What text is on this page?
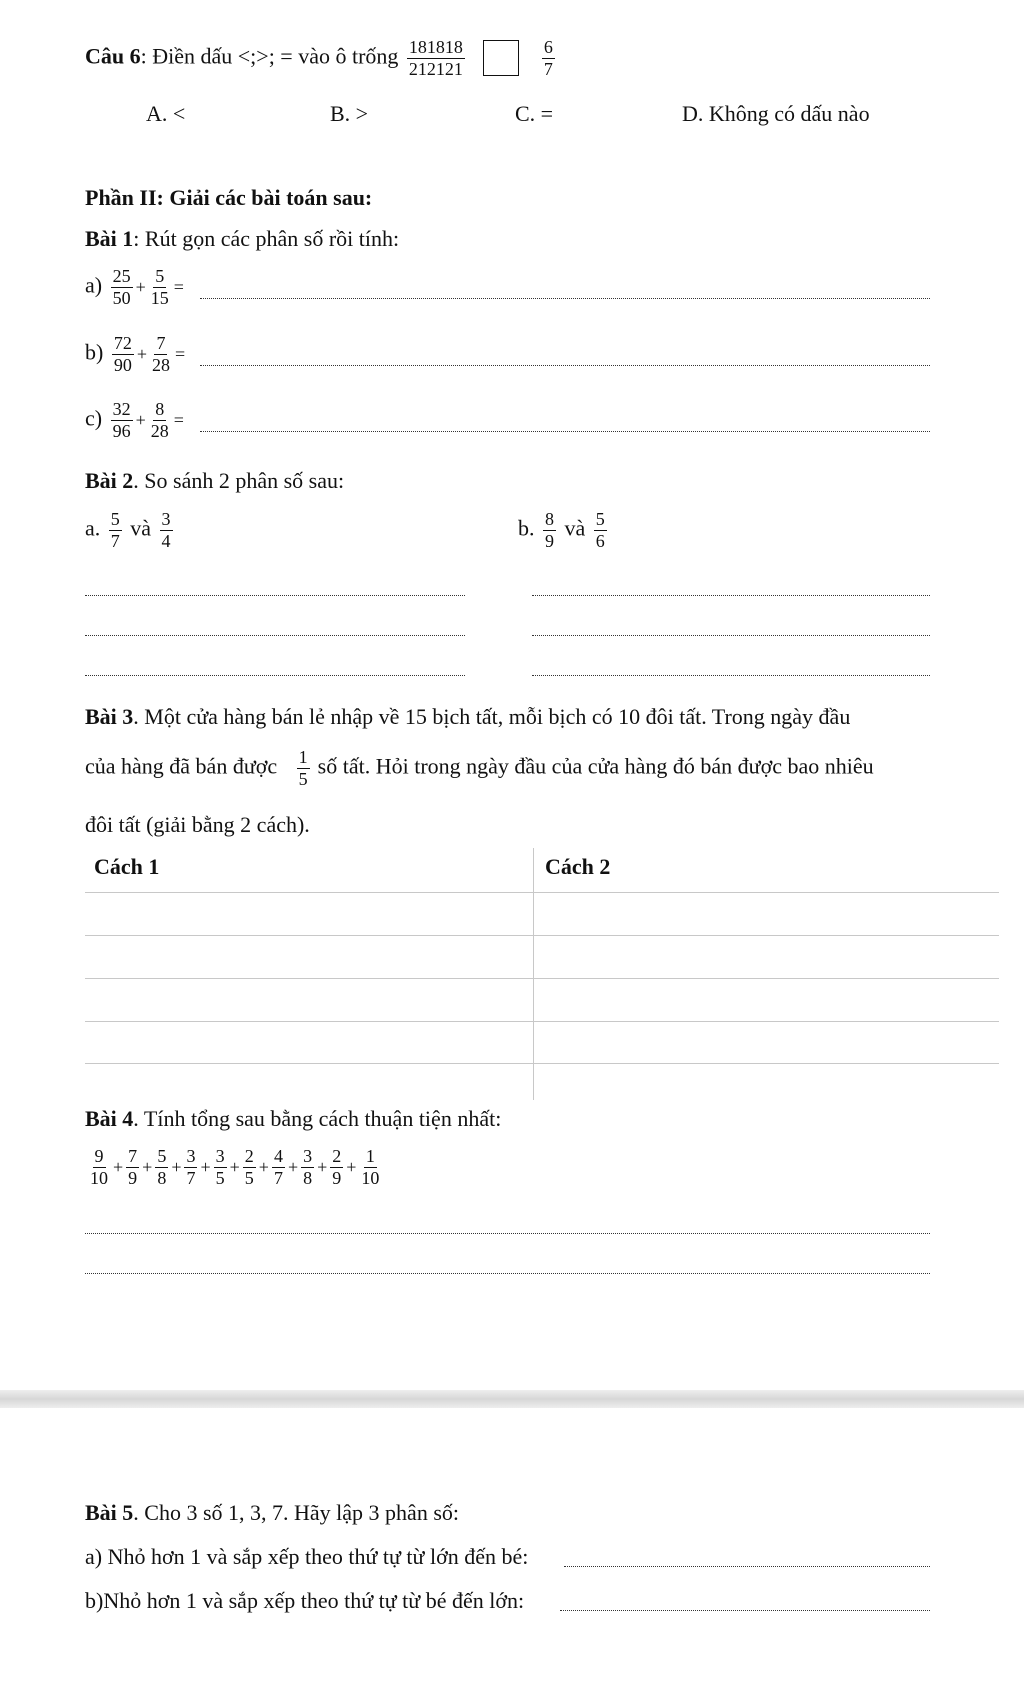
Câu 6: Điền dấu <;>; = vào ô trống $\frac{181818}{212121}$
	$\frac{6}{7}$
A. <	B. >	C. =	D. Không có dấu nào
Phần II: Giải các bài toán sau:
Bài 1: Rút gọn các phân số rồi tính:
$a) \frac{25}{50} + \frac{5}{15}$ =
$b) \frac{72}{90} + \frac{7}{28}$ =
$c) \frac{32}{96} + \frac{8}{28}$ =
Bài 2. So sánh 2 phân số sau:
a. $\frac{5}{7}$ và $\frac{3}{4}$	b. $\frac{8}{9}$ và $\frac{5}{6}$
Bài 3. Một cửa hàng bán lẻ nhập về 15 bịch tất, mỗi bịch có 10 đôi tất. Trong ngày đầu
của hàng đã bán được $\frac{1}{5}$ số tất. Hỏi trong ngày đầu của cửa hàng đó bán được bao nhiêu
đôi tất (giải bằng 2 cách).
Cách 1	Cách 2
Bài 4. Tính tổng sau bằng cách thuận tiện nhất:
$\frac{9}{10} + \frac{7}{9} + \frac{5}{8} + \frac{3}{7} + \frac{3}{5} + \frac{2}{5} + \frac{4}{7} + \frac{3}{8} + \frac{2}{9} + \frac{1}{10}$
Bài 5. Cho 3 số 1, 3, 7. Hãy lập 3 phân số:
a) Nhỏ hơn 1 và sắp xếp theo thứ tự từ lớn đến bé:
b)Nhỏ hơn 1 và sắp xếp theo thứ tự từ bé đến lớn:
